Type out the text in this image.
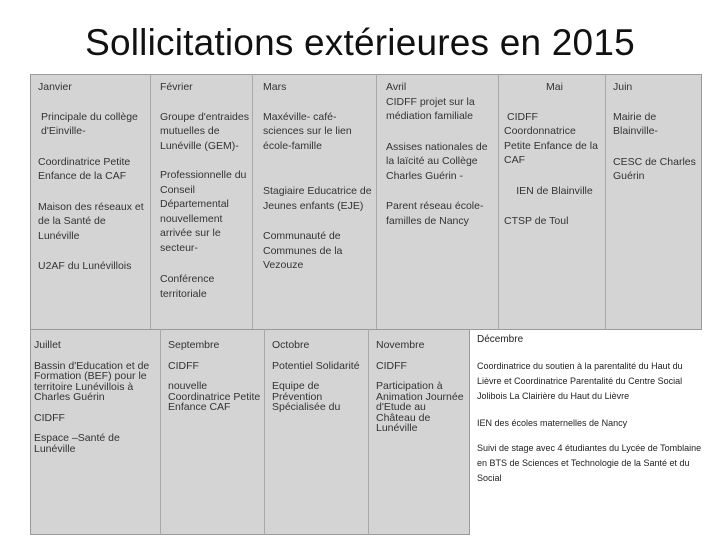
Sollicitations extérieures en 2015
Janvier
Principale du collège d'Einville-
Coordinatrice Petite Enfance de la CAF
Maison des réseaux et de la Santé de Lunéville
U2AF du Lunévillois
Février
Groupe d'entraides mutuelles de Lunéville (GEM)-
Professionnelle du Conseil Départemental nouvellement arrivée sur le secteur-
Conférence territoriale
Mars
Maxéville- café-sciences sur le lien école-famille
Stagiaire Educatrice de Jeunes enfants (EJE)
Communauté de Communes de la Vezouze
Avril
CIDFF projet sur la médiation familiale
Assises nationales de la laïcité au Collège Charles Guérin -
Parent réseau école-familles de Nancy
Mai
CIDFF
Coordonnatrice Petite Enfance de la CAF
IEN de Blainville
CTSP de Toul
Juin
Mairie de Blainville-
CESC de Charles Guérin
Juillet
Bassin d'Education et de Formation (BEF) pour le territoire Lunévillois à Charles Guérin
CIDFF
Espace –Santé de Lunéville
Septembre
CIDFF
nouvelle Coordinatrice Petite Enfance CAF
Octobre
Potentiel Solidarité
Equipe de Prévention Spécialisée du
Novembre
CIDFF
Participation à Animation Journée d'Etude au Château de Lunéville
Décembre
Coordinatrice du soutien à la parentalité du Haut du Lièvre et Coordinatrice Parentalité du Centre Social Jolibois La Clairière du Haut du Lièvre
IEN des écoles maternelles de Nancy
Suivi de stage avec 4 étudiantes du Lycée de Tomblaine en BTS de Sciences et Technologie de la Santé et du Social
